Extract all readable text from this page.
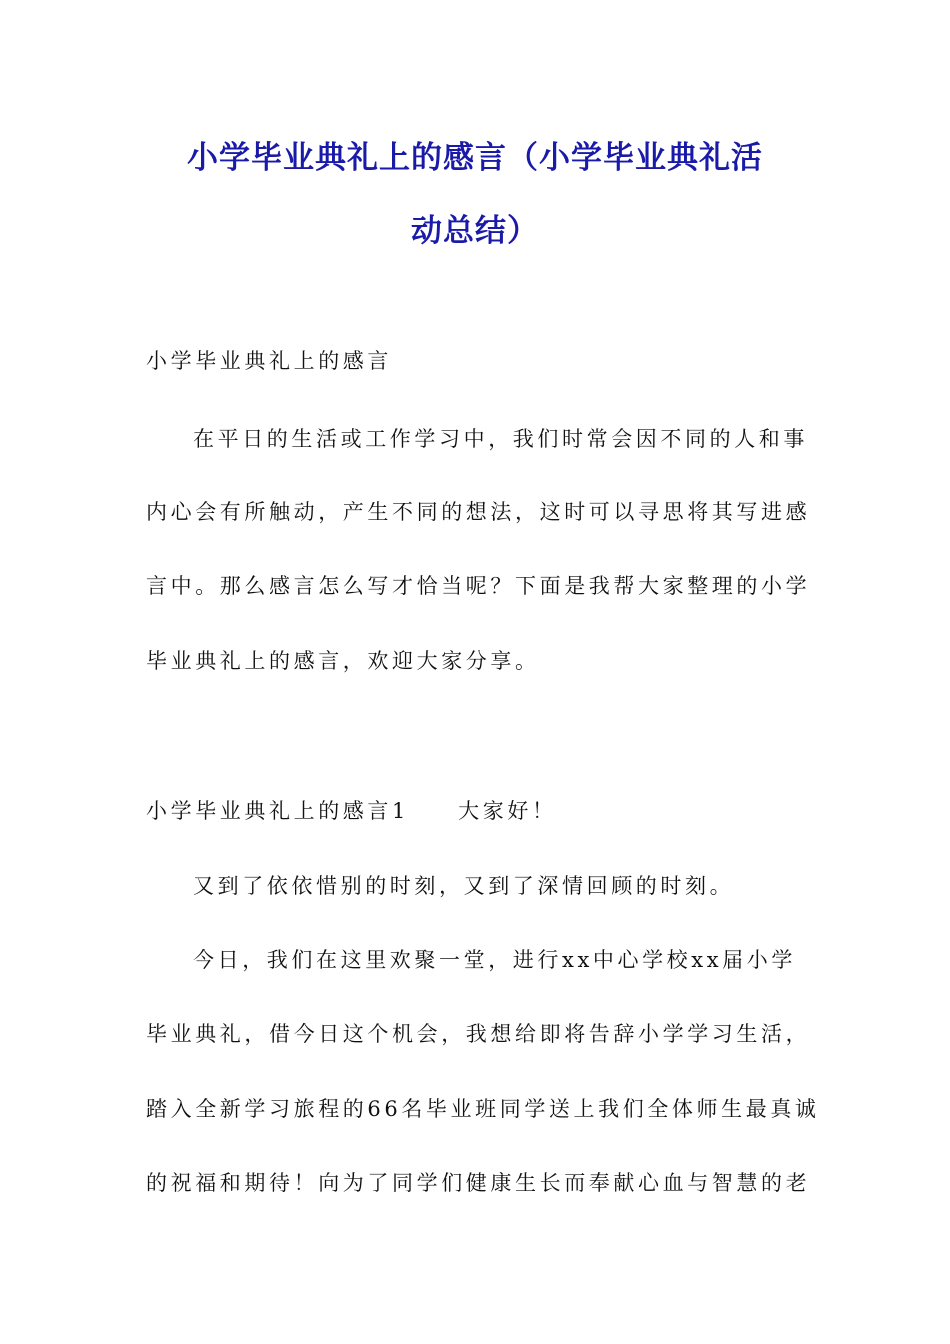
小学毕业典礼上的感言（小学毕业典礼活
动总结）
小学毕业典礼上的感言
在平日的生活或工作学习中，我们时常会因不同的人和事
内心会有所触动，产生不同的想法，这时可以寻思将其写进感
言中。那么感言怎么写才恰当呢？下面是我帮大家整理的小学
毕业典礼上的感言，欢迎大家分享。
小学毕业典礼上的感言1　　大家好！
又到了依依惜别的时刻，又到了深情回顾的时刻。
今日，我们在这里欢聚一堂，进行xx中心学校xx届小学
毕业典礼，借今日这个机会，我想给即将告辞小学学习生活，
踏入全新学习旅程的66名毕业班同学送上我们全体师生最真诚
的祝福和期待！向为了同学们健康生长而奉献心血与智慧的老
